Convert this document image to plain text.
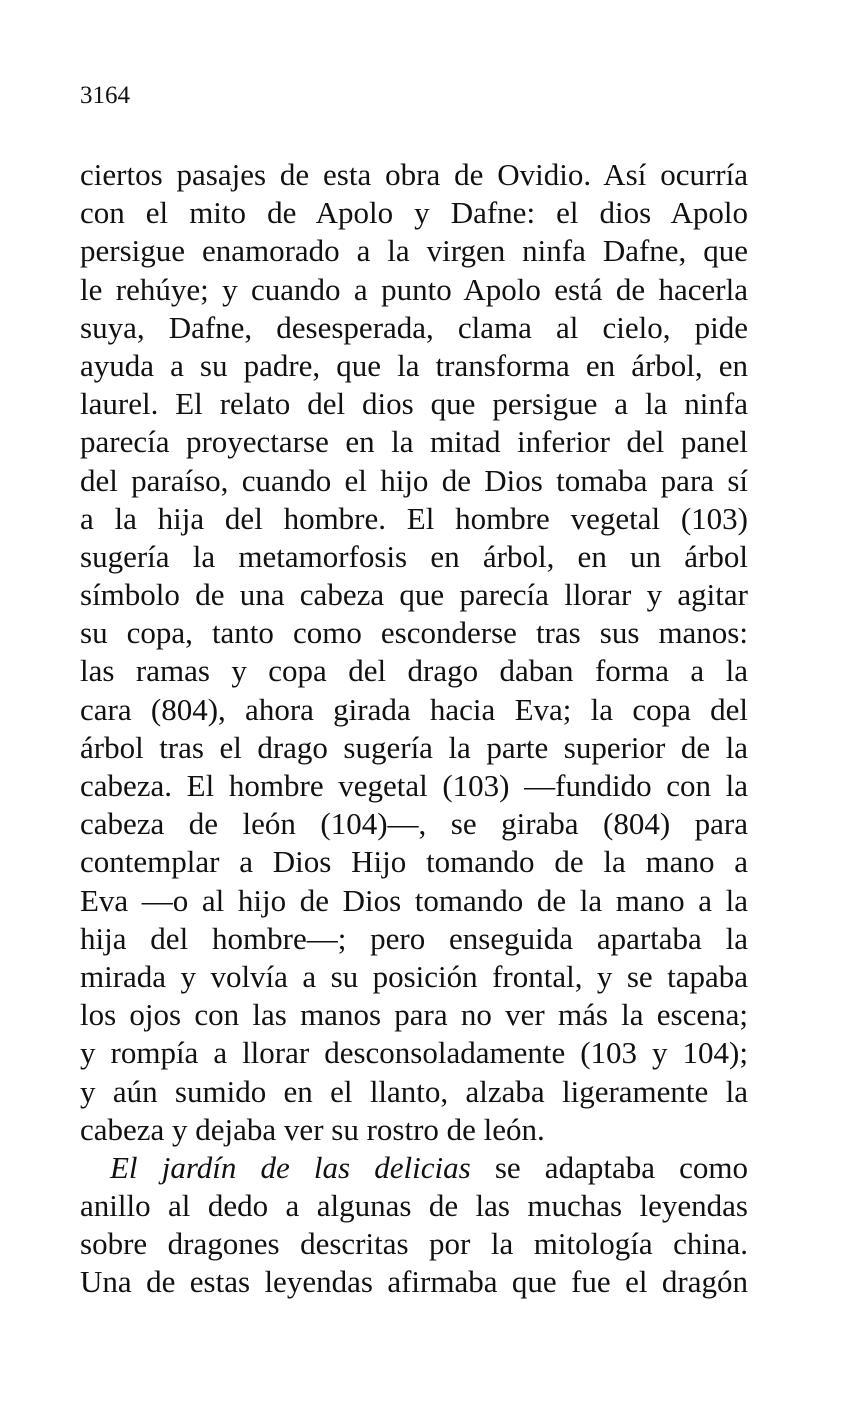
3164
ciertos pasajes de esta obra de Ovidio. Así ocurría
con el mito de Apolo y Dafne: el dios Apolo
persigue enamorado a la virgen ninfa Dafne, que
le rehúye; y cuando a punto Apolo está de hacerla
suya, Dafne, desesperada, clama al cielo, pide
ayuda a su padre, que la transforma en árbol, en
laurel. El relato del dios que persigue a la ninfa
parecía proyectarse en la mitad inferior del panel
del paraíso, cuando el hijo de Dios tomaba para sí
a la hija del hombre. El hombre vegetal (103)
sugería la metamorfosis en árbol, en un árbol
símbolo de una cabeza que parecía llorar y agitar
su copa, tanto como esconderse tras sus manos:
las ramas y copa del drago daban forma a la
cara (804), ahora girada hacia Eva; la copa del
árbol tras el drago sugería la parte superior de la
cabeza. El hombre vegetal (103) —fundido con la
cabeza de león (104)—, se giraba (804) para
contemplar a Dios Hijo tomando de la mano a
Eva —o al hijo de Dios tomando de la mano a la
hija del hombre—; pero enseguida apartaba la
mirada y volvía a su posición frontal, y se tapaba
los ojos con las manos para no ver más la escena;
y rompía a llorar desconsoladamente (103 y 104);
y aún sumido en el llanto, alzaba ligeramente la
cabeza y dejaba ver su rostro de león.
El jardín de las delicias se adaptaba como
anillo al dedo a algunas de las muchas leyendas
sobre dragones descritas por la mitología china.
Una de estas leyendas afirmaba que fue el dragón
